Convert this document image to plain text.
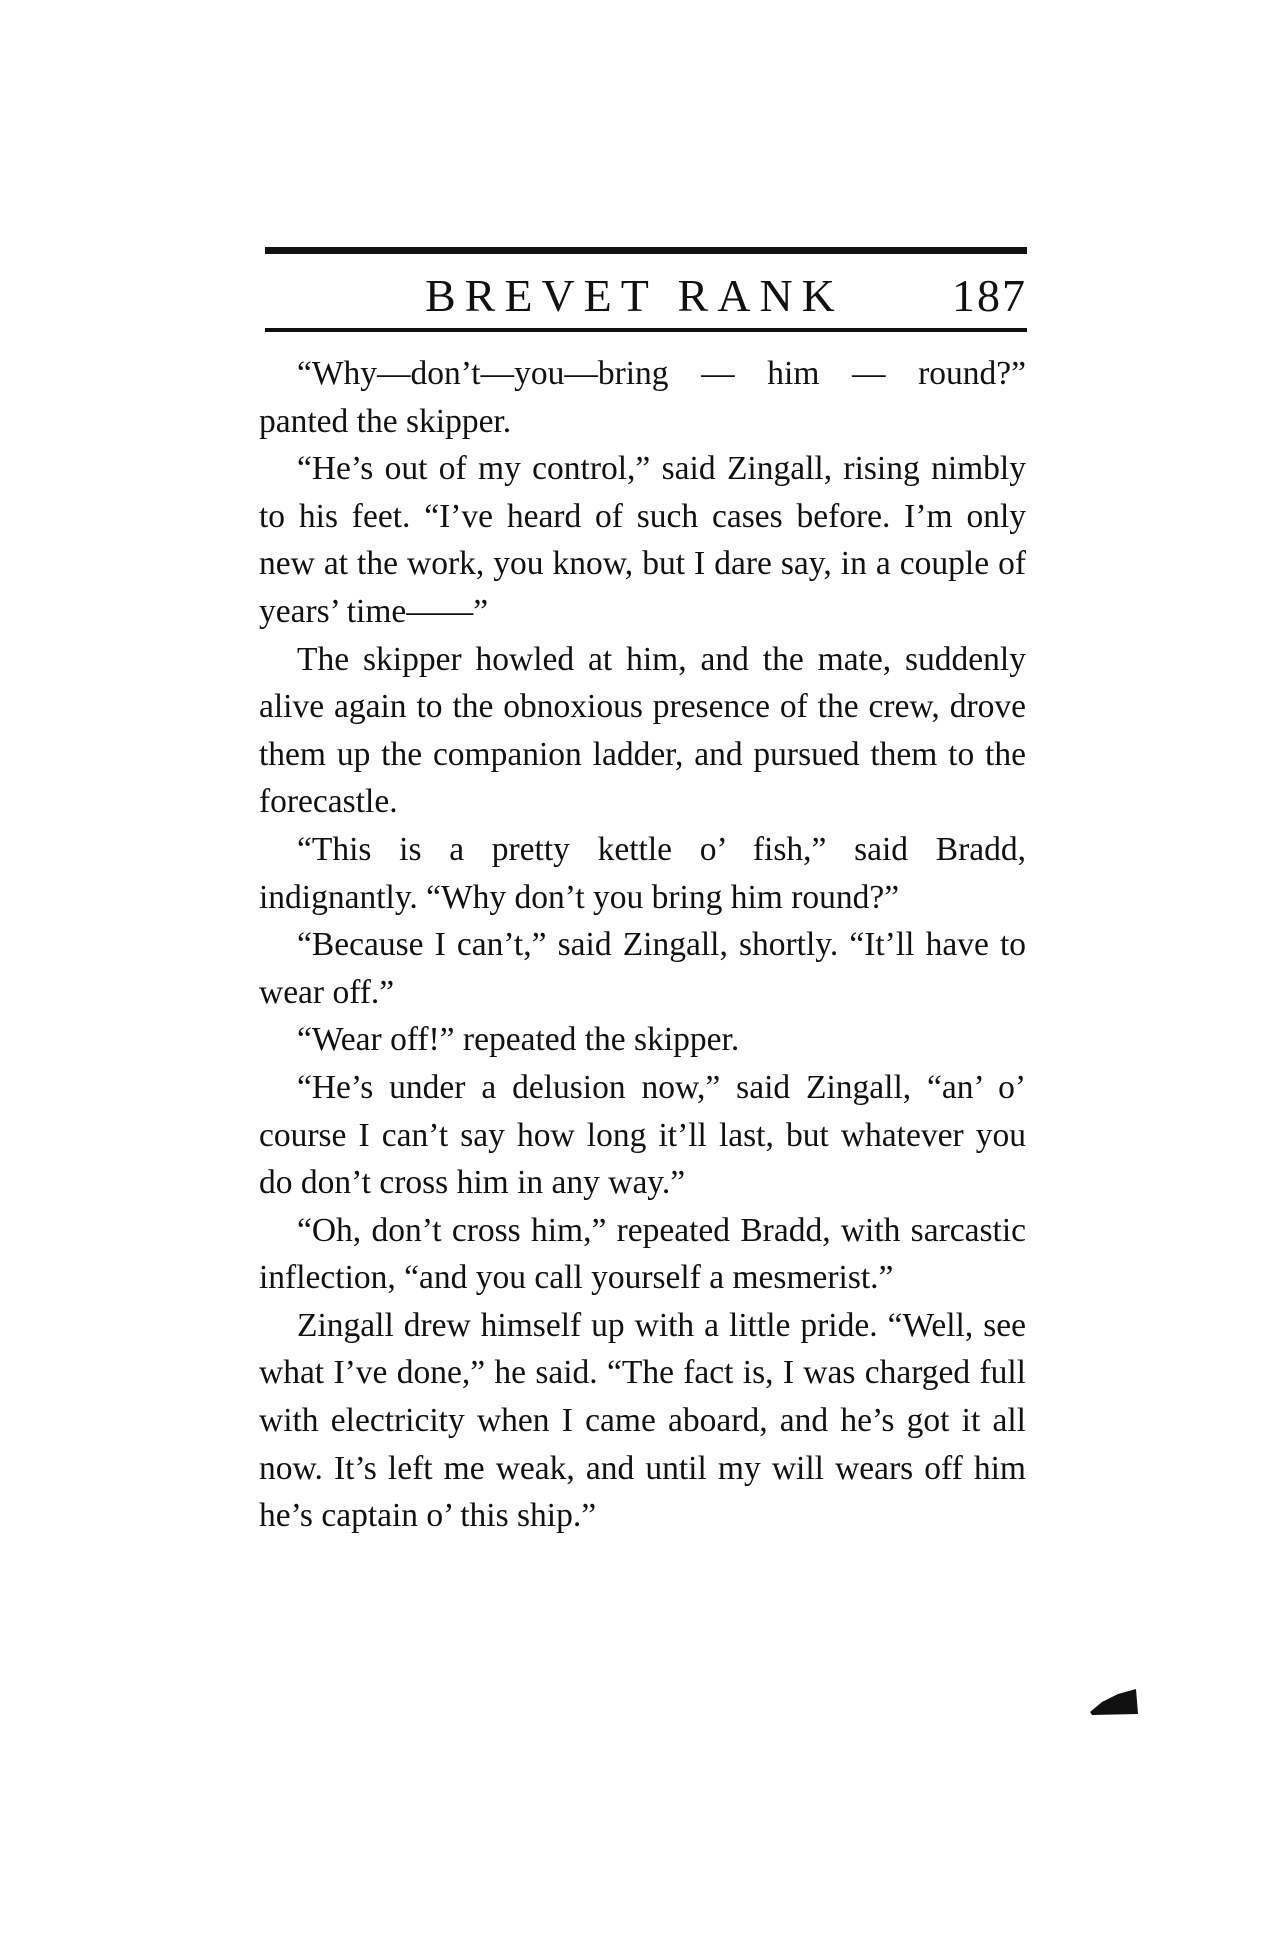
BREVET RANK 187

“Why—don’t—you—bring — him — round?” panted the skipper.

“He’s out of my control,” said Zingall, rising nimbly to his feet. “I’ve heard of such cases before. I’m only new at the work, you know, but I dare say, in a couple of years’ time——”

The skipper howled at him, and the mate, suddenly alive again to the obnoxious presence of the crew, drove them up the companion ladder, and pursued them to the forecastle.

“This is a pretty kettle o’ fish,” said Bradd, indignantly. “Why don’t you bring him round?”

“Because I can’t,” said Zingall, shortly. “It’ll have to wear off.”

“Wear off!” repeated the skipper.

“He’s under a delusion now,” said Zingall, “an’ o’ course I can’t say how long it’ll last, but whatever you do don’t cross him in any way.”

“Oh, don’t cross him,” repeated Bradd, with sarcastic inflection, “and you call yourself a mesmerist.”

Zingall drew himself up with a little pride. “Well, see what I’ve done,” he said. “The fact is, I was charged full with electricity when I came aboard, and he’s got it all now. It’s left me weak, and until my will wears off him he’s captain o’ this ship.”
